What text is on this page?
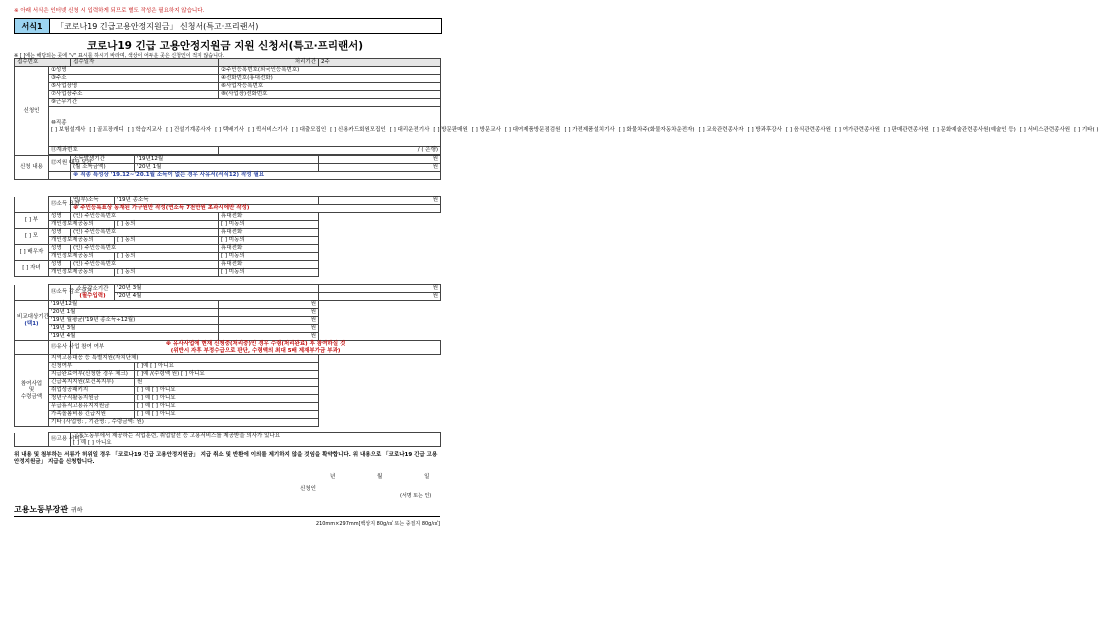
※ 아래 서식은 인터넷 신청 시 입력하게 되므로 별도 작성은 필요하지 않습니다.
서식1	「코로나19 긴급고용안정지원금」 신청서(특고·프리랜서)
코로나19 긴급 고용안정지원금 지원 신청서(특고·프리랜서)
※ [ ]에는 해당되는 곳에 "√" 표시를 하시기 바라며, 색상이 어두운 곳은 신청인이 적지 않습니다.
접수번호		접수일자		처리기간	2주
신청인	①성명			②주민등록번호(외국인등록번호)	
	③주소			④전화번호(휴대전화)	
	⑤사업장명			⑥사업자등록번호	
	⑦사업장주소			⑧(사업장)전화번호	
	⑨근무기간				

	⑩직종
[ ] 보험설계사 [ ] 골프장캐디 [ ] 학습지교사 [ ] 건설기계종사자 [ ] 택배기사 [ ] 퀵서비스기사 [ ] 대출모집인 [ ] 신용카드회원모집인 [ ] 대리운전기사 [ ] 방문판매원 [ ] 방문교사 [ ] 대여제품방문점검원 [ ] 가전제품설치기사 [ ] 화물차주(화물자동차운전자) [ ] 교육관련종사자 [ ] 방과후강사 [ ] 음식관련종사원 [ ] 여가관련종사원 [ ] 판매관련종사원 [ ] 문화예술관련종사원(예술인 등) [ ] 서비스관련종사원 [ ] 기타( )				

	⑪계좌번호			/ ( 은행)	

신청 내용	⑫지원 대상 요건	소득발생기간	'19년12월		원
		(월 소득금액)	'20년 1월		원
		※ 직종 특성상 '19.12~'20.1월 소득이 없는 경우 사유서(서식12) 작성 필요			
	⑬소득 요건	연(부)소득	'19년 종소득		원
		※ 주민등록표상 동재된 가구원만 작성(연소득 7천만원 초과시에만 작성)			
[ ] 부	성명	(인) 주민등록번호		휴대전화	
	개인정보제공동의		[ ] 동의	[ ] 미동의	
[ ] 모	성명	(인) 주민등록번호		휴대전화	
	개인정보제공동의		[ ] 동의	[ ] 미동의	
[ ] 배우자	성명	(인) 주민등록번호		휴대전화	
	개인정보제공동의		[ ] 동의	[ ] 미동의	
[ ] 자녀	성명	(인) 주민등록번호		휴대전화	
	개인정보제공동의		[ ] 동의	[ ] 미동의	
	⑭소득 감소 요건	소득감소기간
(필수입력)	'20년 3월		원
			'20년 4월		원

비교대상기간
(택1)	'19년12월			원	
	'20년 1월			원	
	'19년 월평균('19년 종소득÷12월)			원	
	'19년 3월			원	
	'19년 4월			원	
	⑮유사 사업 참여 여부	※ 유사사업에 현재 신청중(처리중)인 경우 수령(처리완료) 후 참여하실 것
(위반시 자후 부정수급으로 판단, 수령액의 최대 5배 제재부가금 부과)	
참여사업
및
수령금액	지역고용대응 등 특별지원(자치단체)		
	신청여부		[ ]예 [ ] 아니요
	지급완료여부(신청한 경우 체크)		[ ]예 /(수령액 원) [ ] 아니요
	긴급복지지원(보건복지부)		원
	취업성공패키지		[ ] 예 [ ] 아니요
	청년구직활동지원금		[ ] 예 [ ] 아니요
	무급휴직고용유지지원금		[ ] 예 [ ] 아니요
	가족돌봄비용 긴급지원		[ ] 예 [ ] 아니요
	기타 (사업명: , 기관명: , 수령금액: 원)		
	⑯고용 서비스	고용노동부에서 제공하는 직업훈련, 취업알선 등 고용서비스를 제공받을 의사가 있나요
[ ] 예 [ ] 아니요
위 내용 및 첨부하는 서류가 허위일 경우 「코로나19 긴급 고용안정지원금」 지급 취소 및 반환에 이의를 제기하지 않을 것임을 확약합니다. 위 내용으로 「코로나19 긴급 고용안정지원금」 지급을 신청합니다.
년 월 일
신청인
(서명 또는 인)
고용노동부장관 귀하
210mm×297mm[백상지 80g/㎡ 또는 중질지 80g/㎡]
